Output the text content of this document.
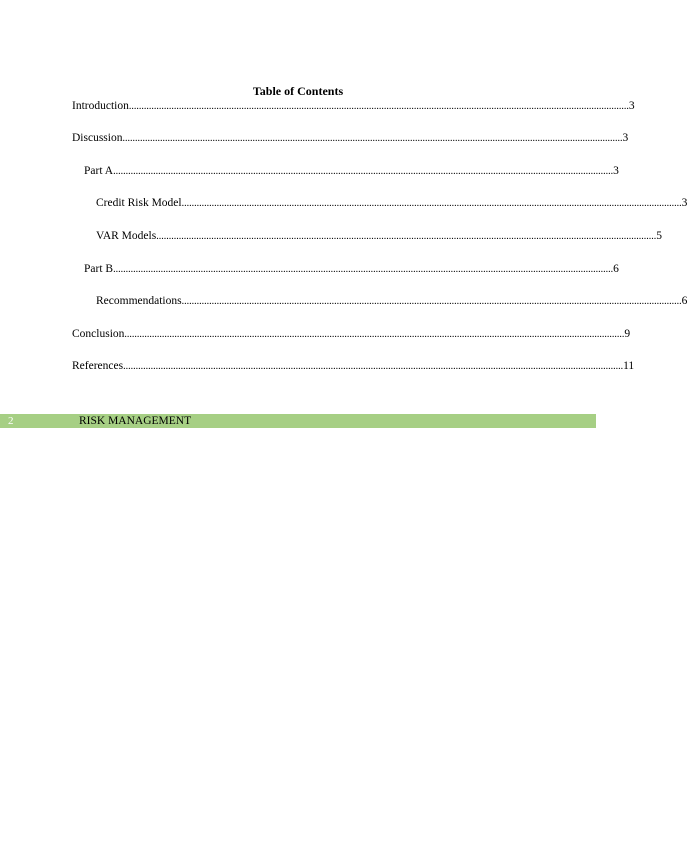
Table of Contents
Introduction ........................................................................................................................................................................................................ 3
Discussion ........................................................................................................................................................................................................ 3
Part A ........................................................................................................................................................................................................ 3
Credit Risk Model ........................................................................................................................................................................................................ 3
VAR Models ........................................................................................................................................................................................................ 5
Part B ........................................................................................................................................................................................................ 6
Recommendations ........................................................................................................................................................................................................ 6
Conclusion ........................................................................................................................................................................................................ 9
References ........................................................................................................................................................................................................ 11
2	RISK MANAGEMENT
